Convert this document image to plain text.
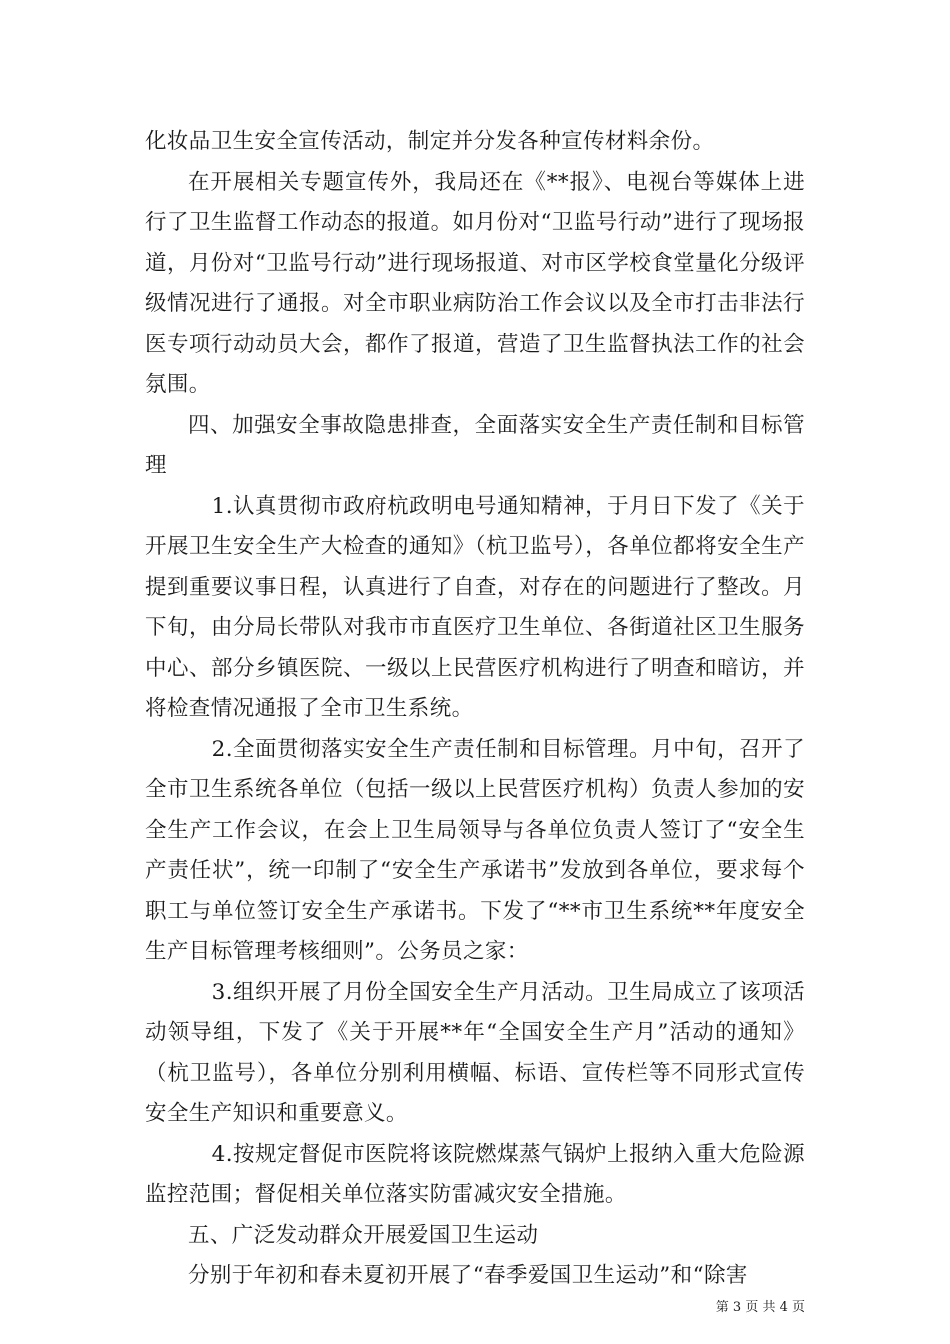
化妆品卫生安全宣传活动，制定并分发各种宣传材料余份。

在开展相关专题宣传外，我局还在《**报》、电视台等媒体上进行了卫生监督工作动态的报道。如月份对“卫监号行动”进行了现场报道，月份对“卫监号行动”进行现场报道、对市区学校食堂量化分级评级情况进行了通报。对全市职业病防治工作会议以及全市打击非法行医专项行动动员大会，都作了报道，营造了卫生监督执法工作的社会氛围。

四、加强安全事故隐患排查，全面落实安全生产责任制和目标管理

1.认真贯彻市政府杭政明电号通知精神，于月日下发了《关于开展卫生安全生产大检查的通知》（杭卫监号），各单位都将安全生产提到重要议事日程，认真进行了自查，对存在的问题进行了整改。月下旬，由分局长带队对我市市直医疗卫生单位、各街道社区卫生服务中心、部分乡镇医院、一级以上民营医疗机构进行了明查和暗访，并将检查情况通报了全市卫生系统。

2.全面贯彻落实安全生产责任制和目标管理。月中旬，召开了全市卫生系统各单位（包括一级以上民营医疗机构）负责人参加的安全生产工作会议，在会上卫生局领导与各单位负责人签订了“安全生产责任状”，统一印制了“安全生产承诺书”发放到各单位，要求每个职工与单位签订安全生产承诺书。下发了“**市卫生系统**年度安全生产目标管理考核细则”。公务员之家：

3.组织开展了月份全国安全生产月活动。卫生局成立了该项活动领导组，下发了《关于开展**年“全国安全生产月”活动的通知》（杭卫监号），各单位分别利用横幅、标语、宣传栏等不同形式宣传安全生产知识和重要意义。

4.按规定督促市医院将该院燃煤蒸气锅炉上报纳入重大危险源监控范围；督促相关单位落实防雷减灾安全措施。

五、广泛发动群众开展爱国卫生运动

分别于年初和春未夏初开展了“春季爱国卫生运动”和“除害

第 3 页 共 4 页
